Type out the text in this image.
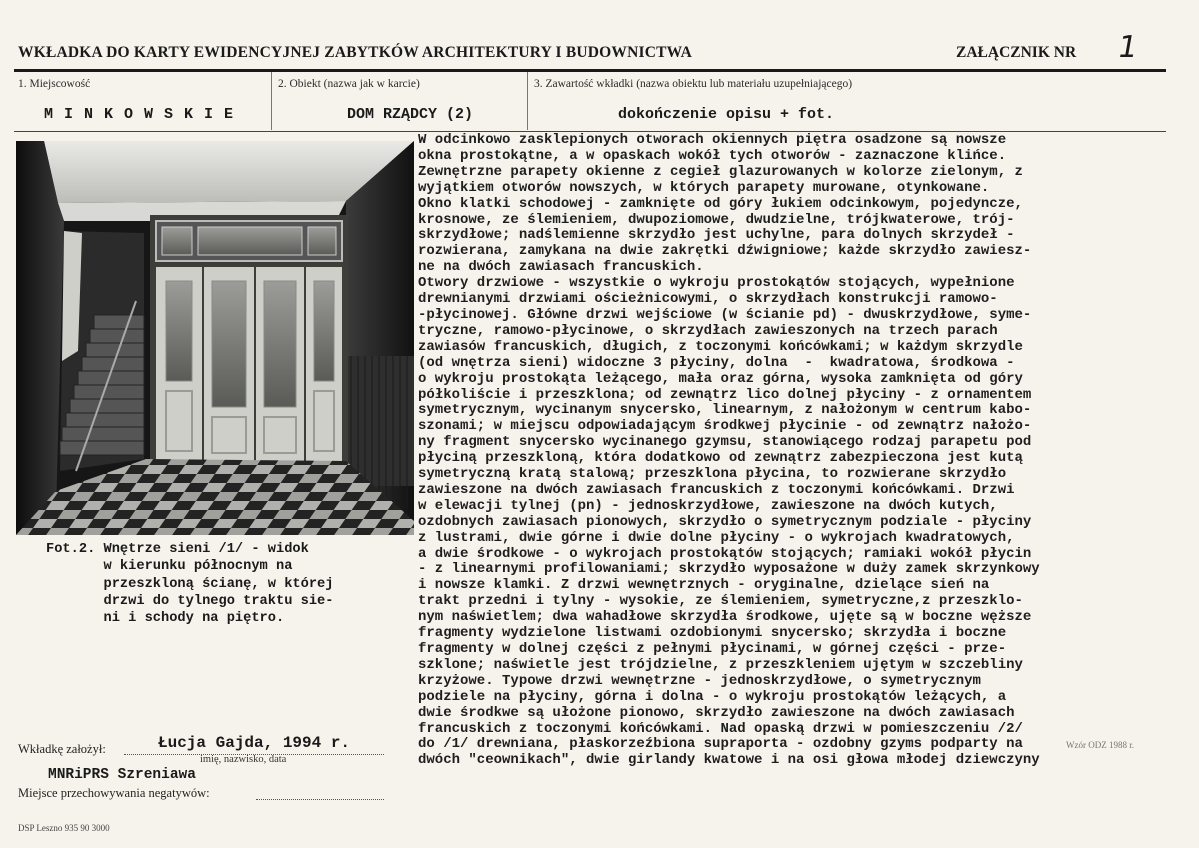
WKŁADKA DO KARTY EWIDENCYJNEJ ZABYTKÓW ARCHITEKTURY I BUDOWNICTWA	ZAŁĄCZNIK NR 1
1. Miejscowość
M I N K O W S K I E
2. Obiekt (nazwa jak w karcie)
DOM RZĄDCY (2)
3. Zawartość wkładki (nazwa obiektu lub materiału uzupełniającego)
dokończenie opisu + fot.
Fot.2. Wnętrze sieni /1/ - widok
w kierunku północnym na
przeszkloną ścianę, w której
drzwi do tylnego traktu sie-
ni i schody na piętro.
W odcinkowo zasklepionych otworach okiennych piętra osadzone są nowsze
okna prostokątne, a w opaskach wokół tych otworów - zaznaczone klińce.
Zewnętrzne parapety okienne z cegieł glazurowanych w kolorze zielonym, z
wyjątkiem otworów nowszych, w których parapety murowane, otynkowane.
Okno klatki schodowej - zamknięte od góry łukiem odcinkowym, pojedyncze,
krosnowe, ze ślemieniem, dwupoziomowe, dwudzielne, trójkwaterowe, trój-
skrzydłowe; nadślemienne skrzydło jest uchylne, para dolnych skrzydeł -
rozwierana, zamykana na dwie zakrętki dźwigniowe; każde skrzydło zawiesz-
ne na dwóch zawiasach francuskich.
Otwory drzwiowe - wszystkie o wykroju prostokątów stojących, wypełnione
drewnianymi drzwiami ościeżnicowymi, o skrzydłach konstrukcji ramowo-
-płycinowej. Główne drzwi wejściowe (w ścianie pd) - dwuskrzydłowe, syme-
tryczne, ramowo-płycinowe, o skrzydłach zawieszonych na trzech parach
zawiasów francuskich, długich, z toczonymi końcówkami; w każdym skrzydle
(od wnętrza sieni) widoczne 3 płyciny, dolna  -  kwadratowa, środkowa -
o wykroju prostokąta leżącego, mała oraz górna, wysoka zamknięta od góry
półkoliście i przeszklona; od zewnątrz lico dolnej płyciny - z ornamentem
symetrycznym, wycinanym snycersko, linearnym, z nałożonym w centrum kabo-
szonami; w miejscu odpowiadającym środkwej płycinie - od zewnątrz nałożo-
ny fragment snycersko wycinanego gzymsu, stanowiącego rodzaj parapetu pod
płyciną przeszkloną, która dodatkowo od zewnątrz zabezpieczona jest kutą
symetryczną kratą stalową; przeszklona płycina, to rozwierane skrzydło
zawieszone na dwóch zawiasach francuskich z toczonymi końcówkami. Drzwi
w elewacji tylnej (pn) - jednoskrzydłowe, zawieszone na dwóch kutych,
ozdobnych zawiasach pionowych, skrzydło o symetrycznym podziale - płyciny
z lustrami, dwie górne i dwie dolne płyciny - o wykrojach kwadratowych,
a dwie środkowe - o wykrojach prostokątów stojących; ramiaki wokół płycin
- z linearnymi profilowaniami; skrzydło wyposażone w duży zamek skrzynkowy
i nowsze klamki. Z drzwi wewnętrznych - oryginalne, dzielące sień na
trakt przedni i tylny - wysokie, ze ślemieniem, symetryczne,z przeszklo-
nym naświetlem; dwa wahadłowe skrzydła środkowe, ujęte są w boczne węższe
fragmenty wydzielone listwami ozdobionymi snycersko; skrzydła i boczne
fragmenty w dolnej części z pełnymi płycinami, w górnej części - prze-
szklone; naświetle jest trójdzielne, z przeszkleniem ujętym w szczebliny
krzyżowe. Typowe drzwi wewnętrzne - jednoskrzydłowe, o symetrycznym
podziele na płyciny, górna i dolna - o wykroju prostokątów leżących, a
dwie środkwe są ułożone pionowo, skrzydło zawieszone na dwóch zawiasach
francuskich z toczonymi końcówkami. Nad opaską drzwi w pomieszczeniu /2/
do /1/ drewniana, płaskorzeźbiona supraporta - ozdobny gzyms podparty na
dwóch "ceownikach", dwie girlandy kwatowe i na osi głowa młodej dziewczyny
Wkładkę założył:	Łucja Gajda, 1994 r.
imię, nazwisko, data
MNRiPRS Szreniawa
Miejsce przechowywania negatywów:
DSP Leszno 935 90 3000
Wzór ODZ 1988 r.
